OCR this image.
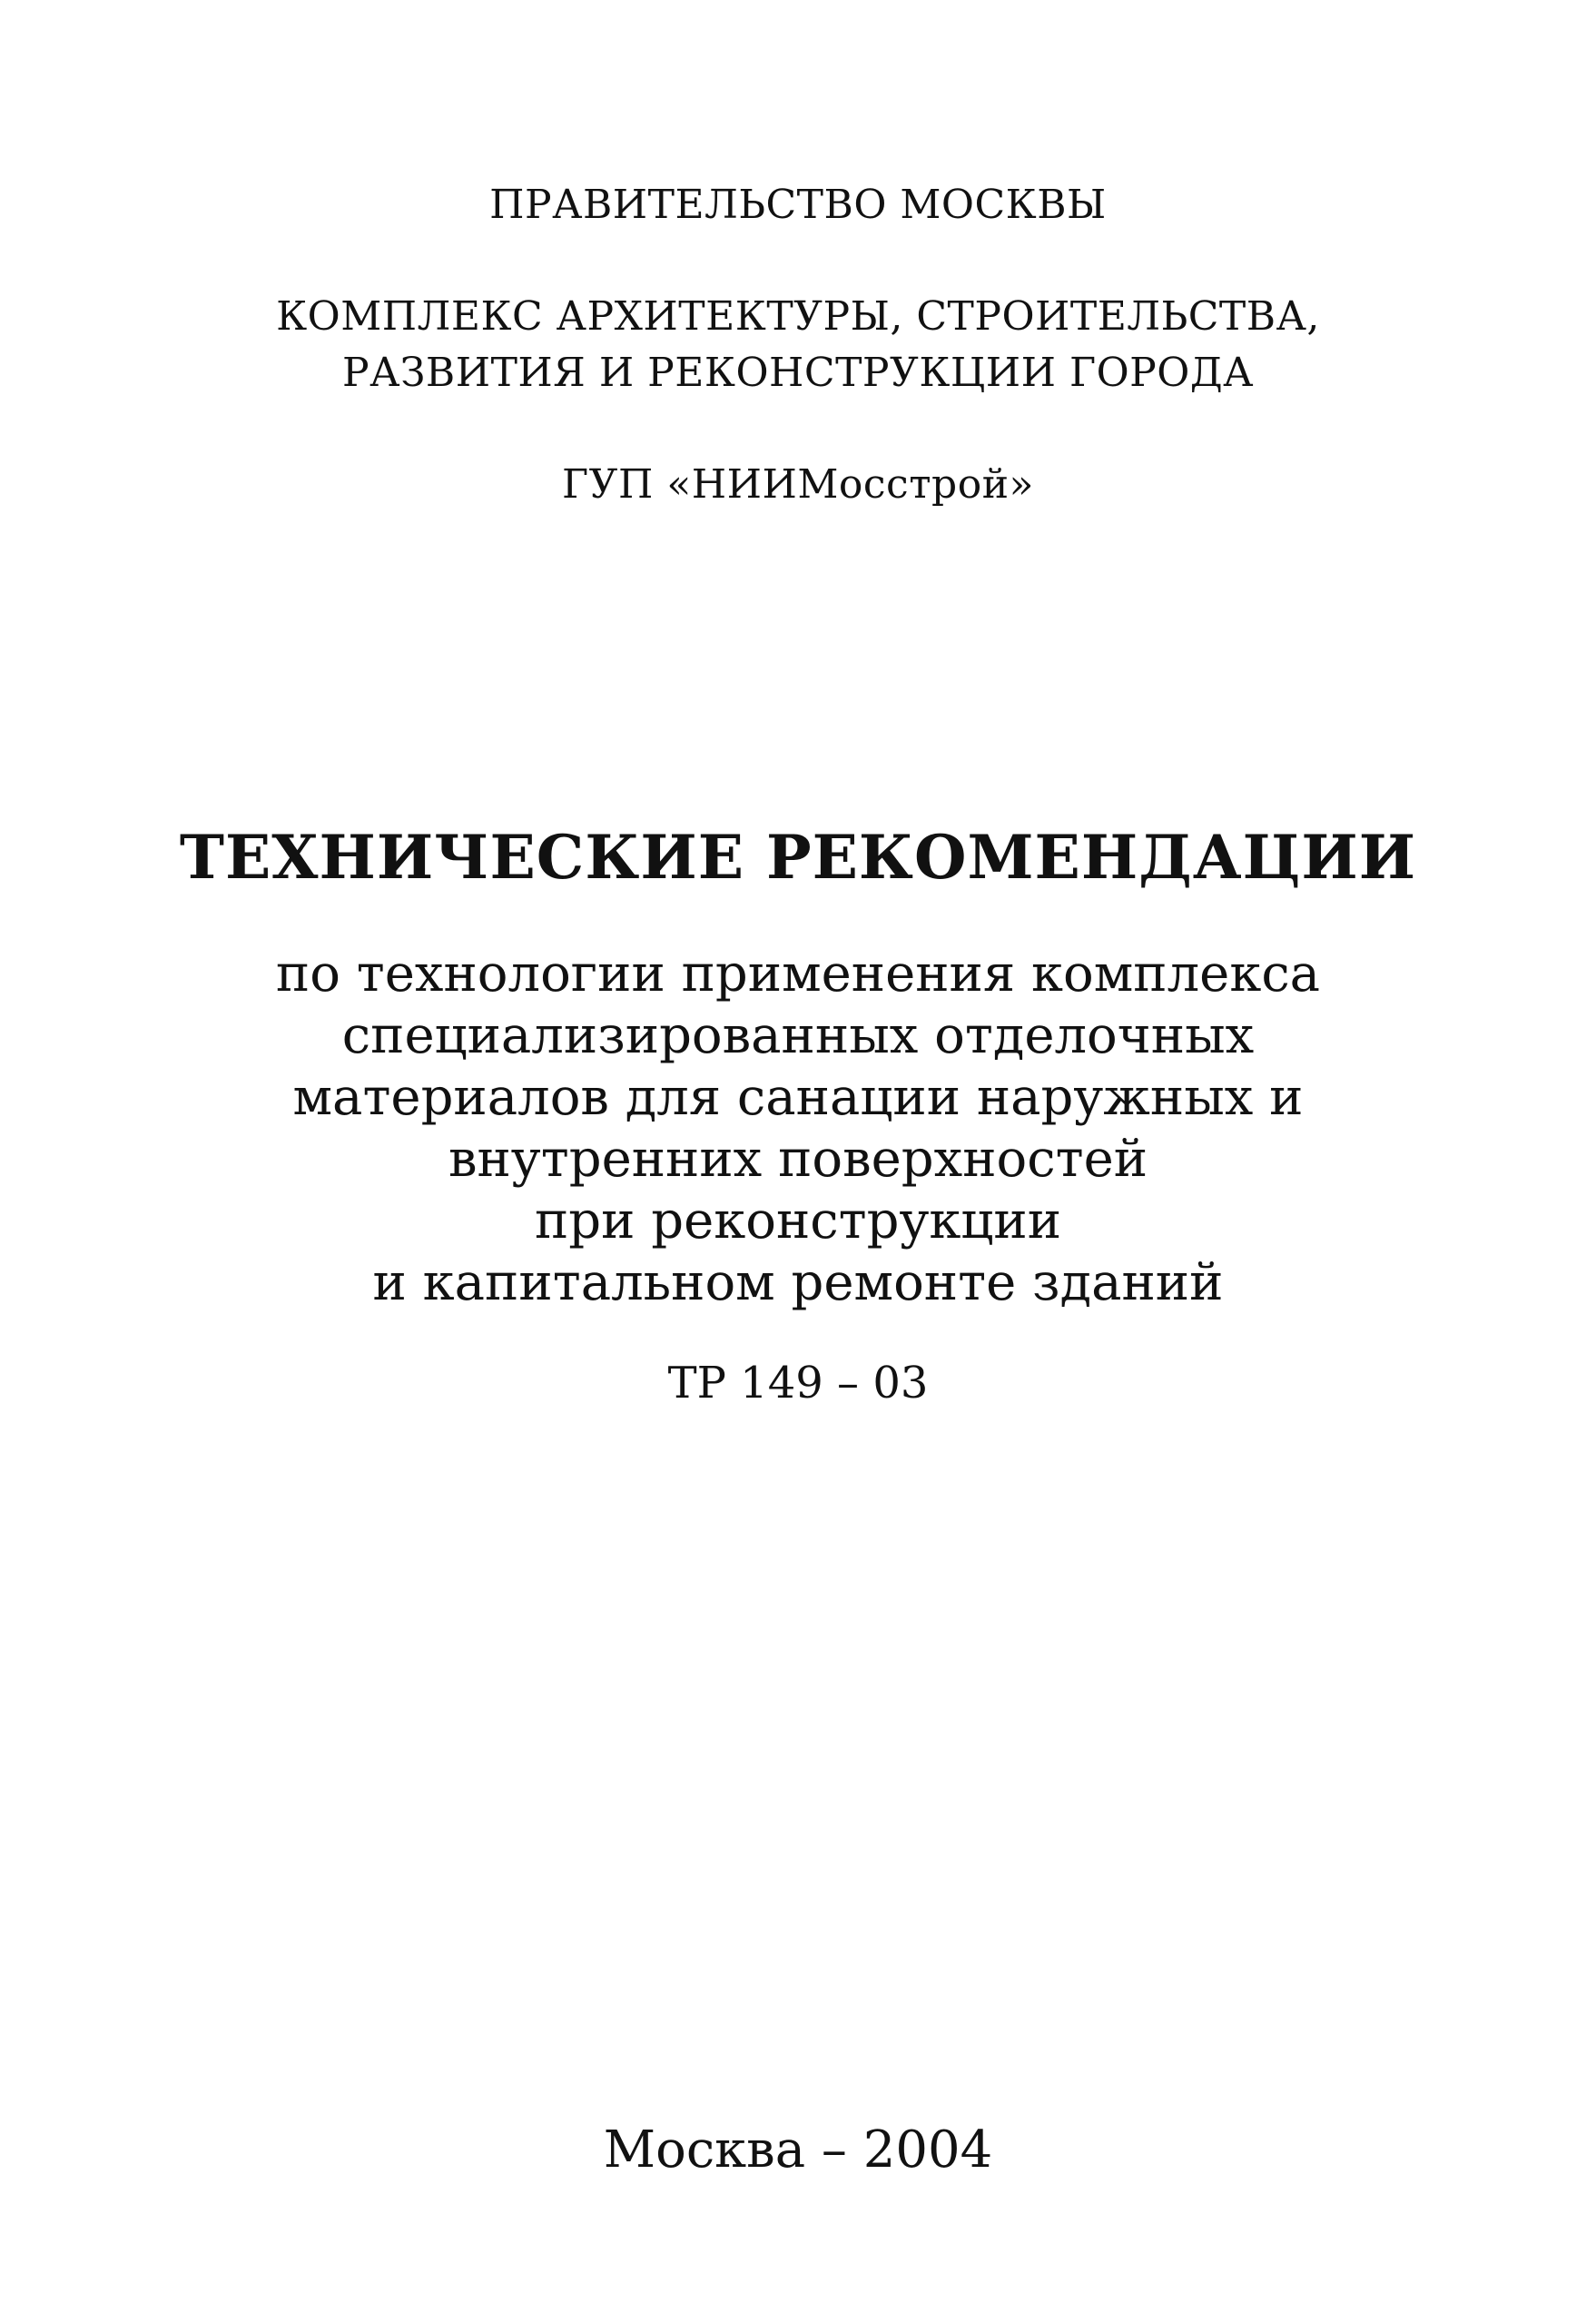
ПРАВИТЕЛЬСТВО МОСКВЫ
КОМПЛЕКС АРХИТЕКТУРЫ, СТРОИТЕЛЬСТВА,
РАЗВИТИЯ И РЕКОНСТРУКЦИИ ГОРОДА
ГУП «НИИМосстрой»
ТЕХНИЧЕСКИЕ РЕКОМЕНДАЦИИ
по технологии применения комплекса
специализированных отделочных
материалов для санации наружных и
внутренних поверхностей
при реконструкции
и капитальном ремонте зданий
ТР 149 – 03
Москва – 2004
